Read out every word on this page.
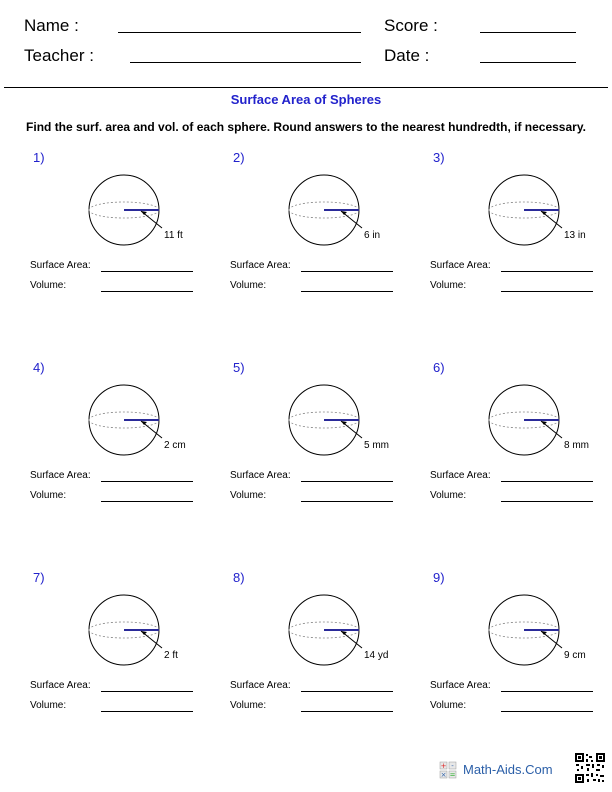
Name :	Score :
Teacher :	Date :
Surface Area of Spheres
Find the surf. area and vol. of each sphere. Round answers to the nearest hundredth, if necessary.
1)
11 ft
Surface Area:
Volume:
2)
6 in
Surface Area:
Volume:
3)
13 in
Surface Area:
Volume:
4)
2 cm
Surface Area:
Volume:
5)
5 mm
Surface Area:
Volume:
6)
8 mm
Surface Area:
Volume:
7)
2 ft
Surface Area:
Volume:
8)
14 yd
Surface Area:
Volume:
9)
9 cm
Surface Area:
Volume:
+ -
× = Math-Aids.Com
